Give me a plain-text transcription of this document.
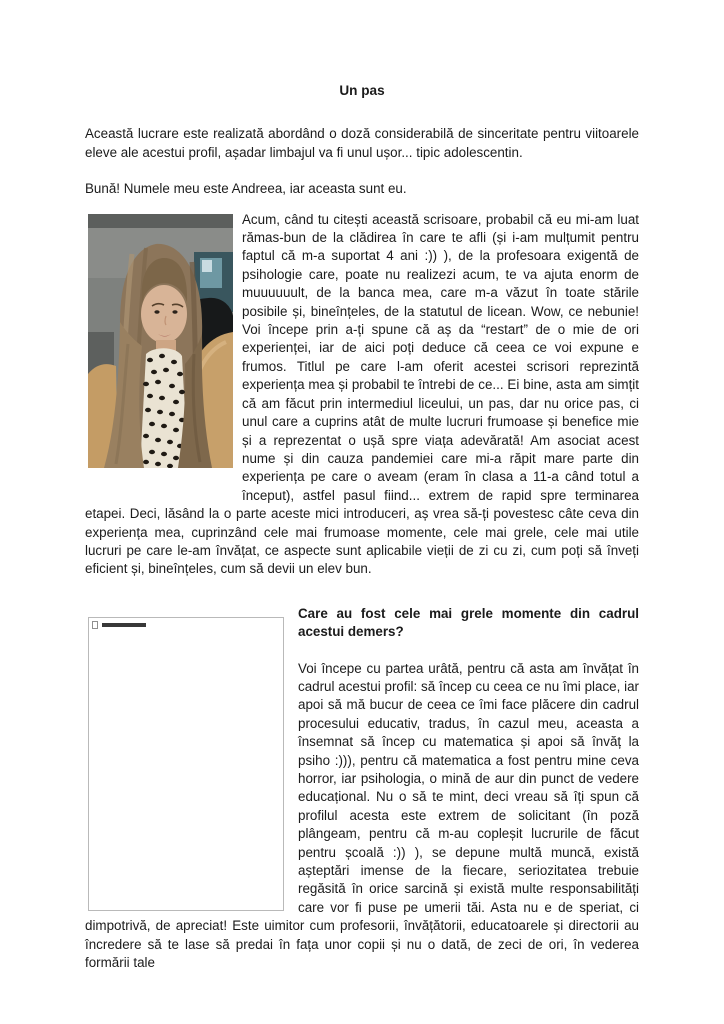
Un pas

Această lucrare este realizată abordând o doză considerabilă de sinceritate pentru viitoarele eleve ale acestui profil, așadar limbajul va fi unul ușor... tipic adolescentin.

Bună! Numele meu este Andreea, iar aceasta sunt eu.

Acum, când tu citești această scrisoare, probabil că eu mi-am luat rămas-bun de la clădirea în care te afli (și i-am mulțumit pentru faptul că m-a suportat 4 ani :)) ), de la profesoara exigentă de psihologie care, poate nu realizezi acum, te va ajuta enorm de muuuuuult, de la banca mea, care m-a văzut în toate stările posibile și, bineînțeles, de la statutul de licean. Wow, ce nebunie! Voi începe prin a-ți spune că aș da “restart” de o mie de ori experienței, iar de aici poți deduce că ceea ce voi expune e frumos. Titlul pe care l-am oferit acestei scrisori reprezintă experiența mea și probabil te întrebi de ce... Ei bine, asta am simțit că am făcut prin intermediul liceului, un pas, dar nu orice pas, ci unul care a cuprins atât de multe lucruri frumoase și benefice mie și a reprezentat o ușă spre viața adevărată! Am asociat acest nume și din cauza pandemiei care mi-a răpit mare parte din experiența pe care o aveam (eram în clasa a 11-a când totul a început), astfel pasul fiind... extrem de rapid spre terminarea etapei. Deci, lăsând la o parte aceste mici introduceri, aș vrea să-ți povestesc câte ceva din experiența mea, cuprinzând cele mai frumoase momente, cele mai grele, cele mai utile lucruri pe care le-am învățat, ce aspecte sunt aplicabile vieții de zi cu zi, cum poți să înveți eficient și, bineînțeles, cum să devii un elev bun.

Care au fost cele mai grele momente din cadrul acestui demers?

Voi începe cu partea urâtă, pentru că asta am învățat în cadrul acestui profil: să încep cu ceea ce nu îmi place, iar apoi să mă bucur de ceea ce îmi face plăcere din cadrul procesului educativ, tradus, în cazul meu, aceasta a însemnat să încep cu matematica și apoi să învăț la psiho :))), pentru că matematica a fost pentru mine ceva horror, iar psihologia, o mină de aur din punct de vedere educațional. Nu o să te mint, deci vreau să îți spun că profilul acesta este extrem de solicitant (în poză plângeam, pentru că m-au copleșit lucrurile de făcut pentru școală :)) ), se depune multă muncă, există așteptări imense de la fiecare, seriozitatea trebuie regăsită în orice sarcină și există multe responsabilități care vor fi puse pe umerii tăi. Asta nu e de speriat, ci dimpotrivă, de apreciat! Este uimitor cum profesorii, învățătorii, educatoarele și directorii au încredere să te lase să predai în fața unor copii și nu o dată, de zeci de ori, în vederea formării tale
